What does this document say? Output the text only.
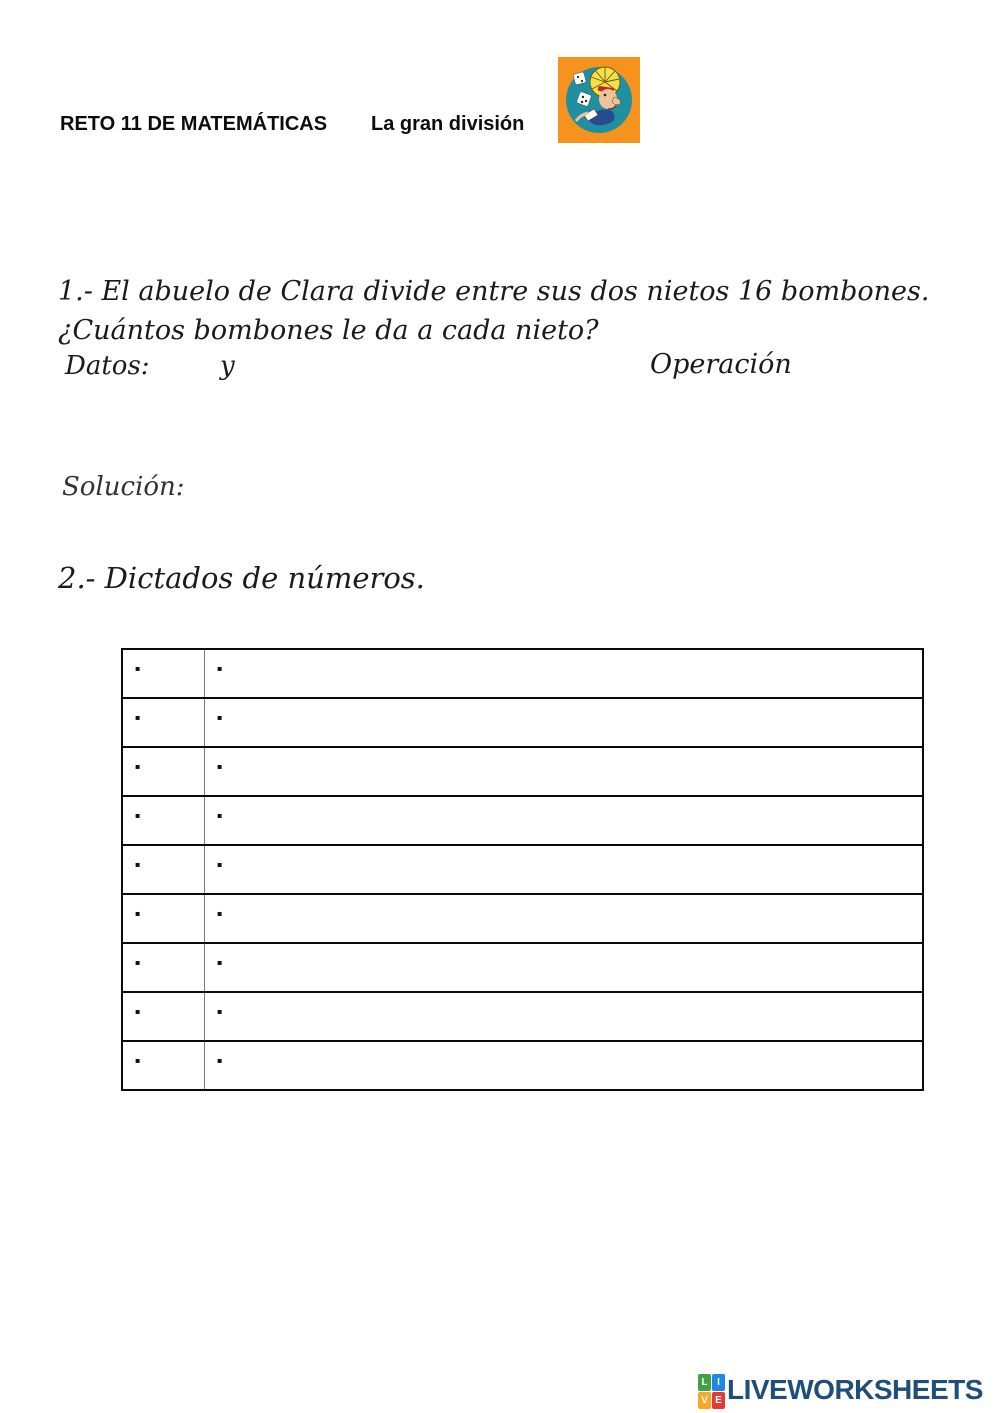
RETO 11 DE MATEMÁTICAS La gran división
1.- El abuelo de Clara divide entre sus dos nietos 16 bombones.
¿Cuántos bombones le da a cada nieto?
Datos:	y	Operación
Solución:
2.- Dictados de números.
▪	▪
▪	▪
▪	▪
▪	▪
▪	▪
▪	▪
▪	▪
▪	▪
▪	▪
L I
V E LIVEWORKSHEETS
